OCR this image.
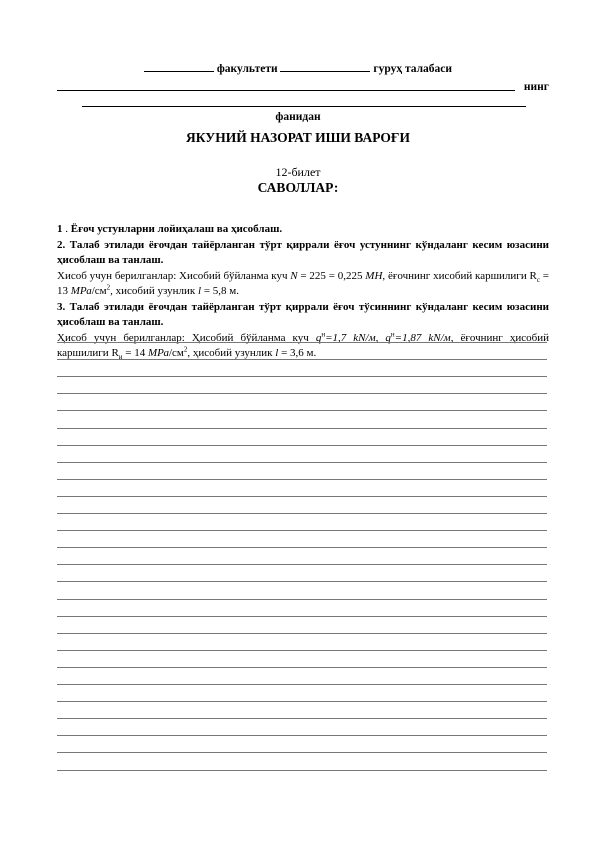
факультети	гуруҳ талабаси
нинг
фанидан
ЯКУНИЙ НАЗОРАТ ИШИ ВАРОҒИ
12-билет
САВОЛЛАР:

1 . Ёғоч устунларни лойиҳалаш ва ҳисоблаш.

2. Талаб этилади ёғочдан тайёрланган тўрт қиррали ёғоч устуннинг кўндаланг кесим юзасини ҳисоблаш ва танлаш.

Хисоб учун берилганлар: Хисобий бўйланма куч N = 225 = 0,225 МН, ёғочнинг хисобий каршилиги $R_с = 13$ МРа/$см^2$, хисобий узунлик l = 5,8 м.

3. Талаб этилади ёғочдан тайёрланган тўрт қиррали ёғоч тўсиннинг кўндаланг кесим юзасини ҳисоблаш ва танлаш.

Ҳисоб учун берилганлар: Ҳисобий бўйланма куч $q^н=1,7$ kN/м, $q^н=1,87$ kN/м, ёғочнинг ҳисобий каршилиги $R_и = 14$ МРа/$см^2$, ҳисобий узунлик l = 3,6 м.
